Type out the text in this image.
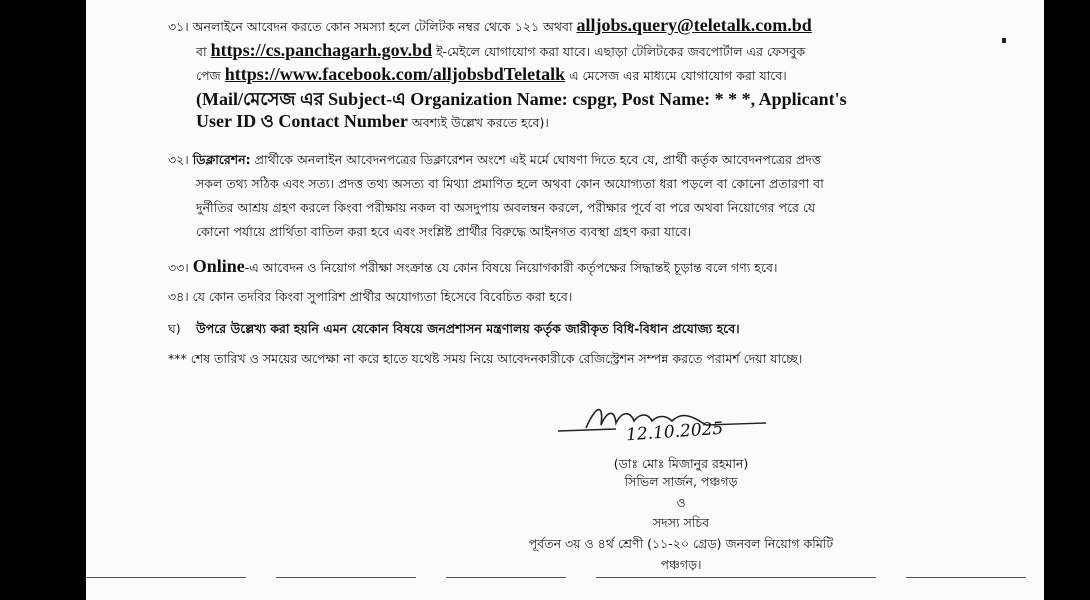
৩১। অনলাইনে আবেদন করতে কোন সমস্যা হলে টেলিটক নম্বর থেকে ১২১ অথবা alljobs.query@teletalk.com.bd
বা https://cs.panchagarh.gov.bd ই-মেইলে যোগাযোগ করা যাবে। এছাড়া টেলিটকের জবপোর্টাল এর ফেসবুক
পেজ https://www.facebook.com/alljobsbdTeletalk এ মেসেজ এর মাধ্যমে যোগাযোগ করা যাবে।
(Mail/মেসেজ এর Subject-এ Organization Name: cspgr, Post Name: * * *, Applicant's
User ID ও Contact Number অবশ্যই উল্লেখ করতে হবে)।
৩২। ডিক্লারেশন: প্রার্থীকে অনলাইন আবেদনপত্রের ডিক্লারেশন অংশে এই মর্মে ঘোষণা দিতে হবে যে, প্রার্থী কর্তৃক আবেদনপত্রের প্রদত্ত
সকল তথ্য সঠিক এবং সত্য। প্রদত্ত তথ্য অসত্য বা মিথ্যা প্রমাণিত হলে অথবা কোন অযোগ্যতা ধরা পড়লে বা কোনো প্রতারণা বা
দুর্নীতির আশ্রয় গ্রহণ করলে কিংবা পরীক্ষায় নকল বা অসদুপায় অবলম্বন করলে, পরীক্ষার পূর্বে বা পরে অথবা নিয়োগের পরে যে
কোনো পর্যায়ে প্রার্থিতা বাতিল করা হবে এবং সংশ্লিষ্ট প্রার্থীর বিরুদ্ধে আইনগত ব্যবস্থা গ্রহণ করা যাবে।
৩৩। Online-এ আবেদন ও নিয়োগ পরীক্ষা সংক্রান্ত যে কোন বিষয়ে নিয়োগকারী কর্তৃপক্ষের সিদ্ধান্তই চূড়ান্ত বলে গণ্য হবে।
৩৪। যে কোন তদবির কিংবা সুপারিশ প্রার্থীর অযোগ্যতা হিসেবে বিবেচিত করা হবে।
ঘ) উপরে উল্লেখ্য করা হয়নি এমন যেকোন বিষয়ে জনপ্রশাসন মন্ত্রণালয় কর্তৃক জারীকৃত বিধি-বিধান প্রযোজ্য হবে।
*** শেষ তারিখ ও সময়ের অপেক্ষা না করে হাতে যথেষ্ট সময় নিয়ে আবেদনকারীকে রেজিস্ট্রেশন সম্পন্ন করতে পরামর্শ দেয়া যাচ্ছে।
12.10.2025
(ডাঃ মোঃ মিজানুর রহমান)
সিভিল সার্জন, পঞ্চগড়
ও
সদস্য সচিব
পূর্বতন ৩য় ও ৪র্থ শ্রেণী (১১-২০ গ্রেড) জনবল নিয়োগ কমিটি
পঞ্চগড়।
